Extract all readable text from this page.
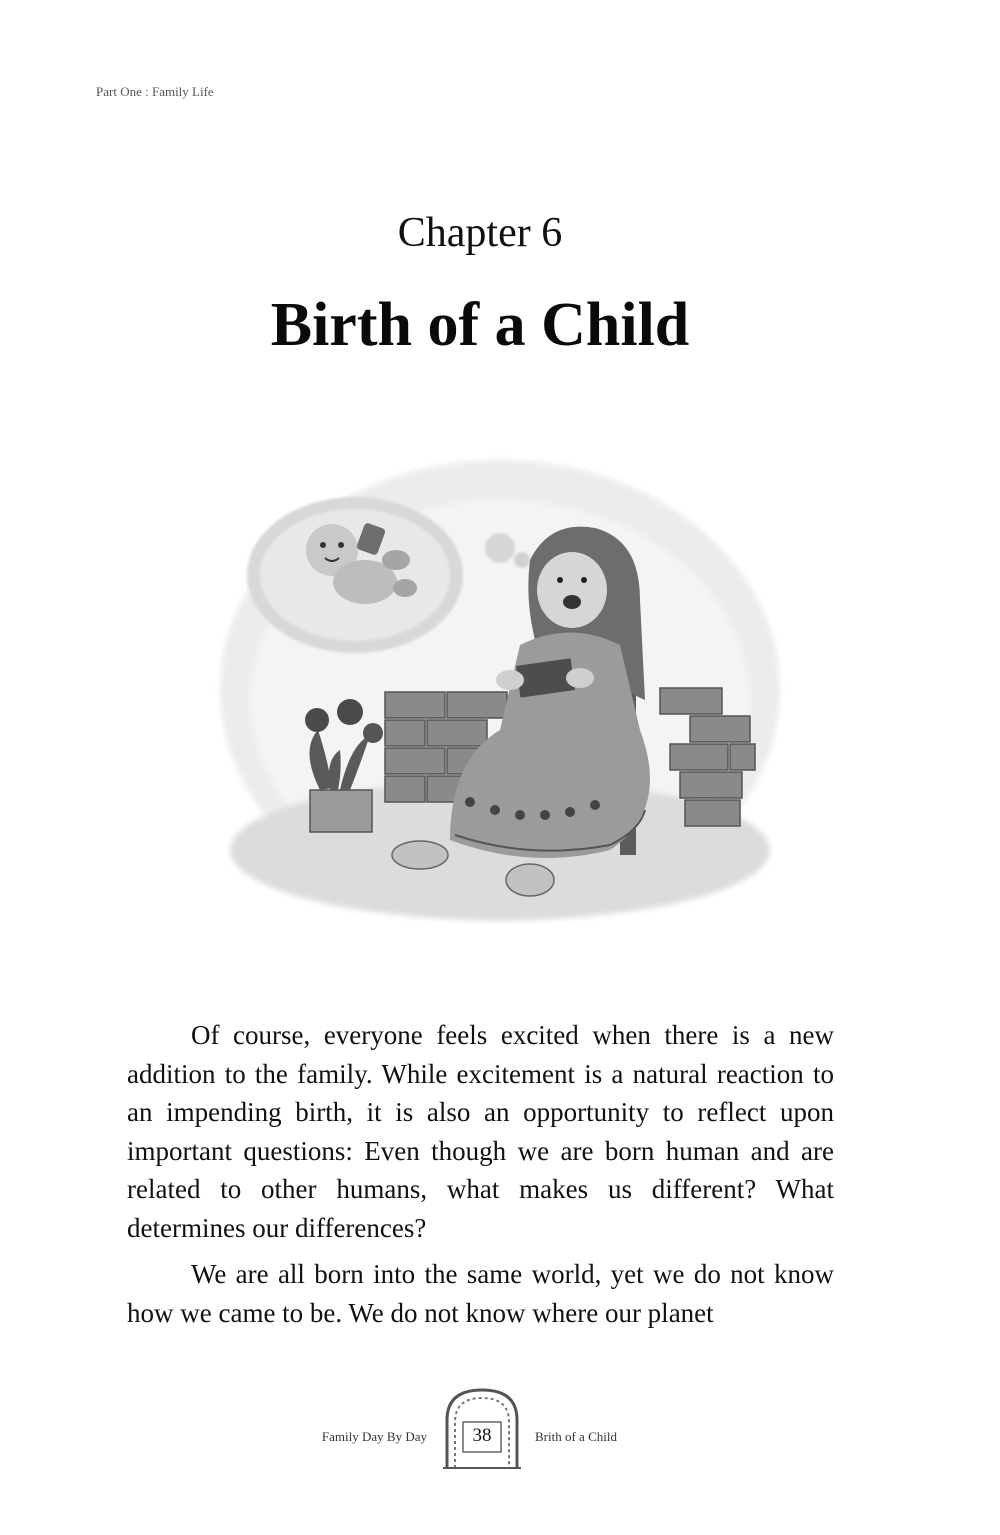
Part One : Family Life
Chapter 6
Birth of a Child

Of course, everyone feels excited when there is a new addition to the family. While excitement is a natural reaction to an impending birth, it is also an opportunity to reflect upon important questions: Even though we are born human and are related to other humans, what makes us different? What determines our differences?

We are all born into the same world, yet we do not know how we came to be. We do not know where our planet

Family Day By Day	38	Brith of a Child
